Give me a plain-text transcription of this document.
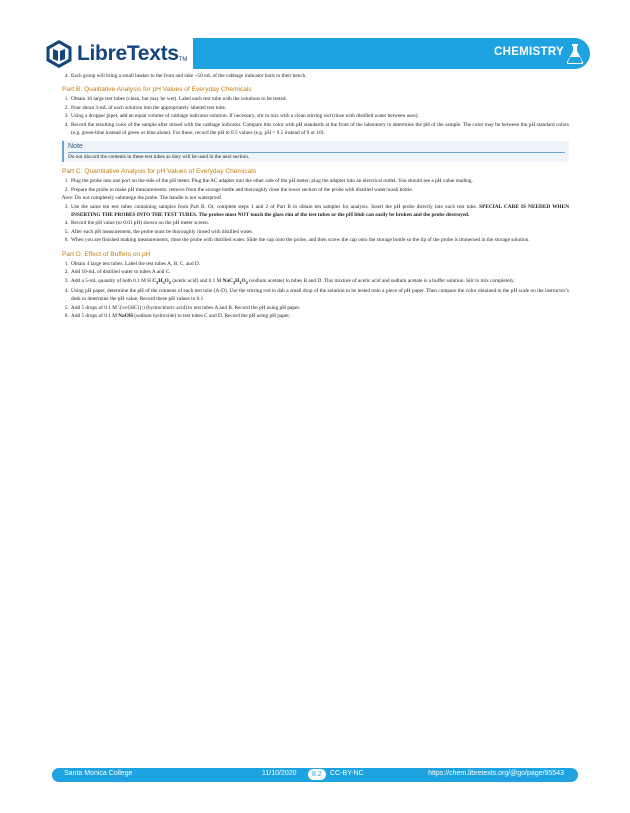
CHEMISTRY
LibreTexts TM
4. Each group will bring a small beaker to the front and take ~50 mL of the cabbage indicator back to their bench.
Part B: Qualitative Analysis for pH Values of Everyday Chemicals
1. Obtain 10 large test tubes (clean, but may be wet). Label each test tube with the solutions to be tested.
2. Pour about 3-mL of each solution into the appropriately labeled test tube.
3. Using a dropper pipet, add an equal volume of cabbage indicator solution. If necessary, stir to mix with a clean stirring rod (rinse with distilled water between uses).
4. Record the resulting color of the sample after mixed with the cabbage indicator. Compare this color with pH standards at the front of the laboratory to determine the pH of the sample. The color may be between the pH standard colors (e.g. green-blue instead of green or blue alone). For these, record the pH to 0.5 values (e.g. pH = 9.5 instead of 9 or 10).
Note
Do not discard the contents in these test tubes as they will be used in the next section.
Part C: Quantitative Analysis for pH Values of Everyday Chemicals
1. Plug the probe into one port on the side of the pH meter. Plug the AC adapter into the other side of the pH meter; plug the adapter into an electrical outlet. You should see a pH value reading.
2. Prepare the probe to make pH measurements: remove from the storage bottle and thoroughly rinse the lower section of the probe with distilled water/wash bottle.

Note: Do not completely submerge the probe. The handle is not waterproof.

3. Use the same ten test tubes containing samples from Part B. Or, complete steps 1 and 2 of Part B to obtain ten samples for analysis. Insert the pH probe directly into each test tube. SPECIAL CARE IS NEEDED WHEN INSERTING THE PROBES INTO THE TEST TUBES. The probes must NOT touch the glass rim of the test tubes or the pH blub can easily be broken and the probe destroyed.
4. Record the pH value (to 0.01 pH) shown on the pH meter screen.
5. After each pH measurement, the probe must be thoroughly rinsed with distilled water.
6. When you are finished making measurements, rinse the probe with distilled water. Slide the cap onto the probe, and then screw the cap onto the storage bottle so the tip of the probe is immersed in the storage solution.
Part D: Effect of Buffers on pH
1. Obtain 4 large test tubes. Label the test tubes A, B, C, and D.
2. Add 10-mL of distilled water to tubes A and C.
3. Add a 5-mL quantity of both 0.1 M H $C_2H_3O_2$ (acetic acid) and 0.1 M $NaC_2H_3O_2$ (sodium acetate) to tubes B and D. This mixture of acetic acid and sodium acetate is a buffer solution. Stir to mix completely.
4. Using pH paper, determine the pH of the contents of each test tube (A-D). Use the stirring rod to dab a small drop of the solution to be tested onto a piece of pH paper. Then compare the color obtained to the pH scale on the instructor’s desk to determine the pH value. Record these pH values to 0.1
5. Add 5 drops of 0.1 M \(\ce{HCl}\) (hydrochloric acid) to test tubes A and B. Record the pH using pH paper.
6. Add 5 drops of 0.1 M NaOH (sodium hydroxide) to test tubes C and D. Record the pH using pH paper.
Santa Monica College	11/10/2020	8.2	CC-BY-NC	https://chem.libretexts.org/@go/page/95543
